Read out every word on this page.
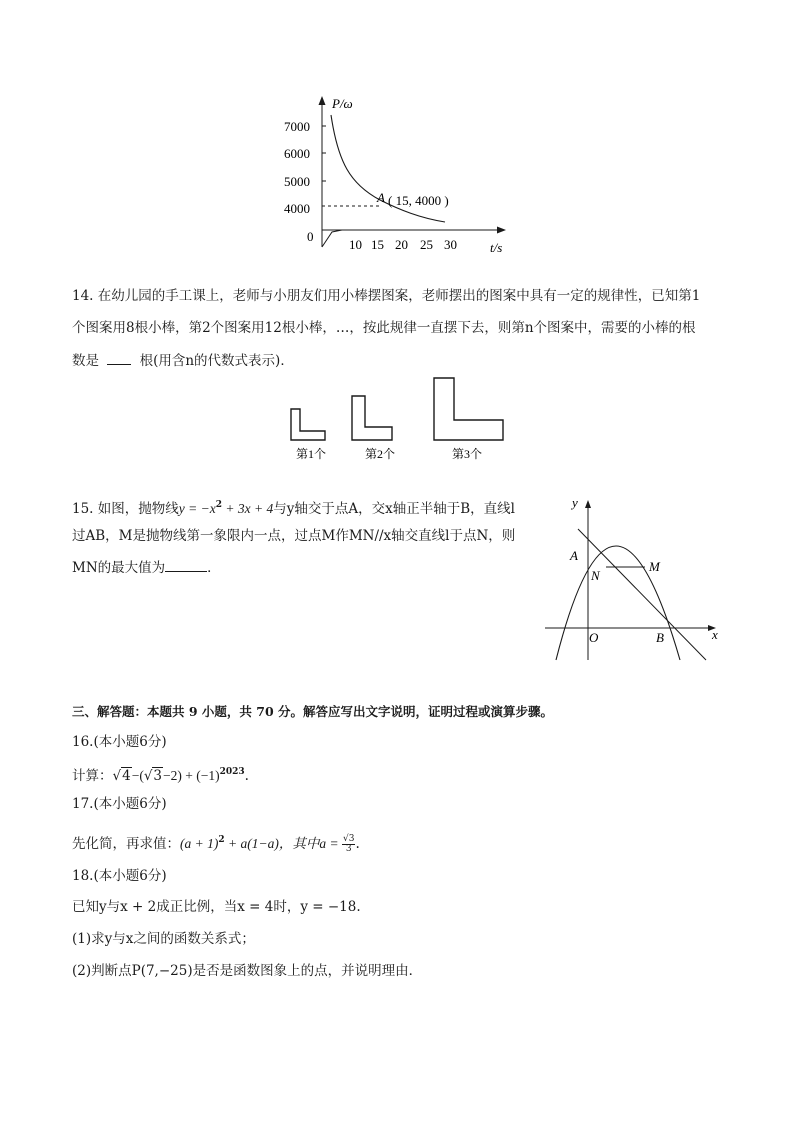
P/ω
7000
6000
5000
4000
0
10 15 20 25 30	t/s
A ( 15, 4000 )
14. 在幼儿园的手工课上，老师与小朋友们用小棒摆图案，老师摆出的图案中具有一定的规律性，已知第1
个图案用8根小棒，第2个图案用12根小棒，…，按此规律一直摆下去，则第n个图案中，需要的小棒的根
数是	根(用含n的代数式表示)．
第1个	第2个	第3个
15. 如图，抛物线$y = -x^2 + 3x + 4$与y轴交于点A，交x轴正半轴于B，直线l
过AB，M是抛物线第一象限内一点，过点M作MN//x轴交直线l于点N，则
MN的最大值为	．
y
x
A
N
M
O	B
三、解答题：本题共 9 小题，共 70 分。解答应写出文字说明，证明过程或演算步骤。
16.(本小题6分)
计算：$√4-(√3-2) + (-1)^{2023}$.
17.(本小题6分)
先化简，再求值：$(a + 1)^2 + a(1-a)$，其中$a = \frac{√3}{3}$ .
18.(本小题6分)
已知y与x + 2成正比例，当x = 4时，y = −18.
(1)求y与x之间的函数关系式；
(2)判断点P(7,−25)是否是函数图象上的点，并说明理由．
